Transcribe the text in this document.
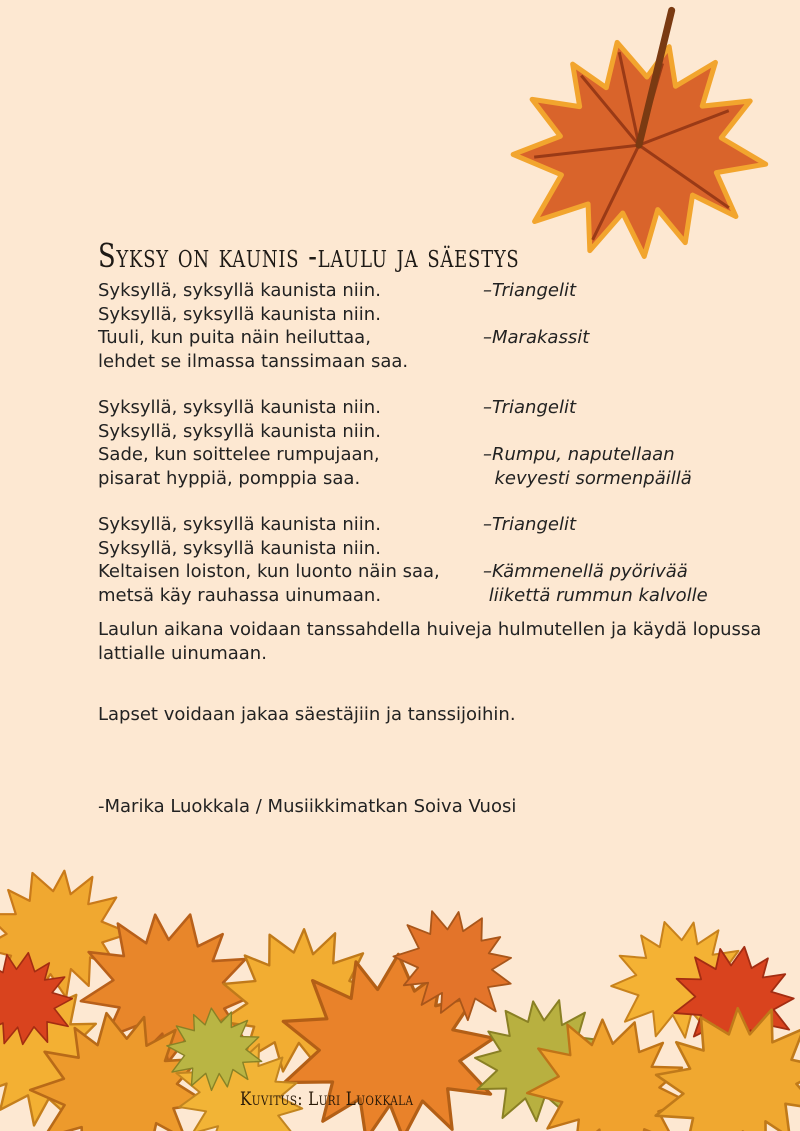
Syksy on kaunis -laulu ja säestys
Syksyllä, syksyllä kaunista niin.	–Triangelit
Syksyllä, syksyllä kaunista niin.
Tuuli, kun puita näin heiluttaa,	–Marakassit
lehdet se ilmassa tanssimaan saa.
Syksyllä, syksyllä kaunista niin.	–Triangelit
Syksyllä, syksyllä kaunista niin.
Sade, kun soittelee rumpujaan,	–Rumpu, naputellaan
pisarat hyppiä, pomppia saa.	kevyesti sormenpäillä
Syksyllä, syksyllä kaunista niin.	–Triangelit
Syksyllä, syksyllä kaunista niin.
Keltaisen loiston, kun luonto näin saa, –Kämmenellä pyörivää
metsä käy rauhassa uinumaan.	liikettä rummun kalvolle

Laulun aikana voidaan tanssahdella huiveja hulmutellen ja käydä lopussa lattialle uinumaan.

Lapset voidaan jakaa säestäjiin ja tanssijoihin.

-Marika Luokkala / Musiikkimatkan Soiva Vuosi

Kuvitus: Luri Luokkala
